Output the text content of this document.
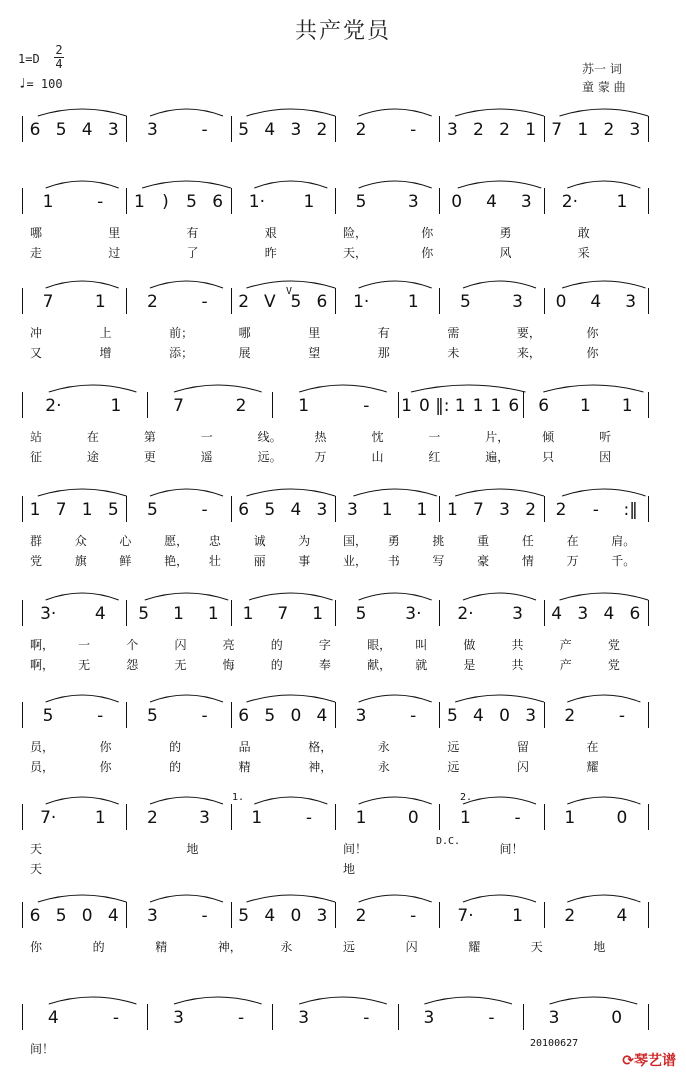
共产党员
1=D
2
4
♩= 100
苏一 词
童 蒙 曲
6 5 4 3 3	- 5 4 3 2 2	- 3 2 2 1 7 1 2 3
1	- 1 ) 5 6 1· 1 5 3 0 4 3 2· 1
哪	里	有	艰	险，	你	勇	敢
走	过	了	昨	天，	你	风	采
7 1 2	- 2 V 5 6 1· 1 5 3 0 4 3
冲	上	前；	哪	里	有	需	要，	你
又	增	添；	展	望	那	未	来，	你
2·	1	7	2	1	- 1 0 ‖: 1 1 1 6 6 1 1
站	在	第	一	线。	热	忱	一	片，	倾	听
征	途	更	遥	远。	万	山	红	遍，	只	因
1 7 1 5 5	- 6 5 4 3 3 1 1 1 7 3 2 2 - :‖
群	众	心	愿， 忠	诚	为	国， 勇	挑	重	任	在	肩。
党	旗	鲜	艳， 壮	丽	事	业， 书	写	豪	情	万	千。
3· 4 5 1 1 1 7 1 5 3· 2· 3 4 3 4 6
啊， 一	个	闪	亮	的	字	眼， 叫	做	共	产	党
啊， 无	怨	无	悔	的	奉	献， 就	是	共	产	党
5	-	5	- 6 5 0 4 3	- 5 4 0 3 2	-
员，	你	的	品	格，	永	远	留	在
员，	你	的	精	神，	永	远	闪	耀
7· 1 2 3 1	-	1 0 1	-	1 0
天	地	间！	间！
天	地
6 5 0 4 3	- 5 4 0 3 2	- 7· 1 2 4
你	的	精	神，	永	远	闪	耀	天	地
4	-	3	-	3	-	3	-	3	0
间！	20100627
⟳琴艺谱
D.C.
1.	2.
V
